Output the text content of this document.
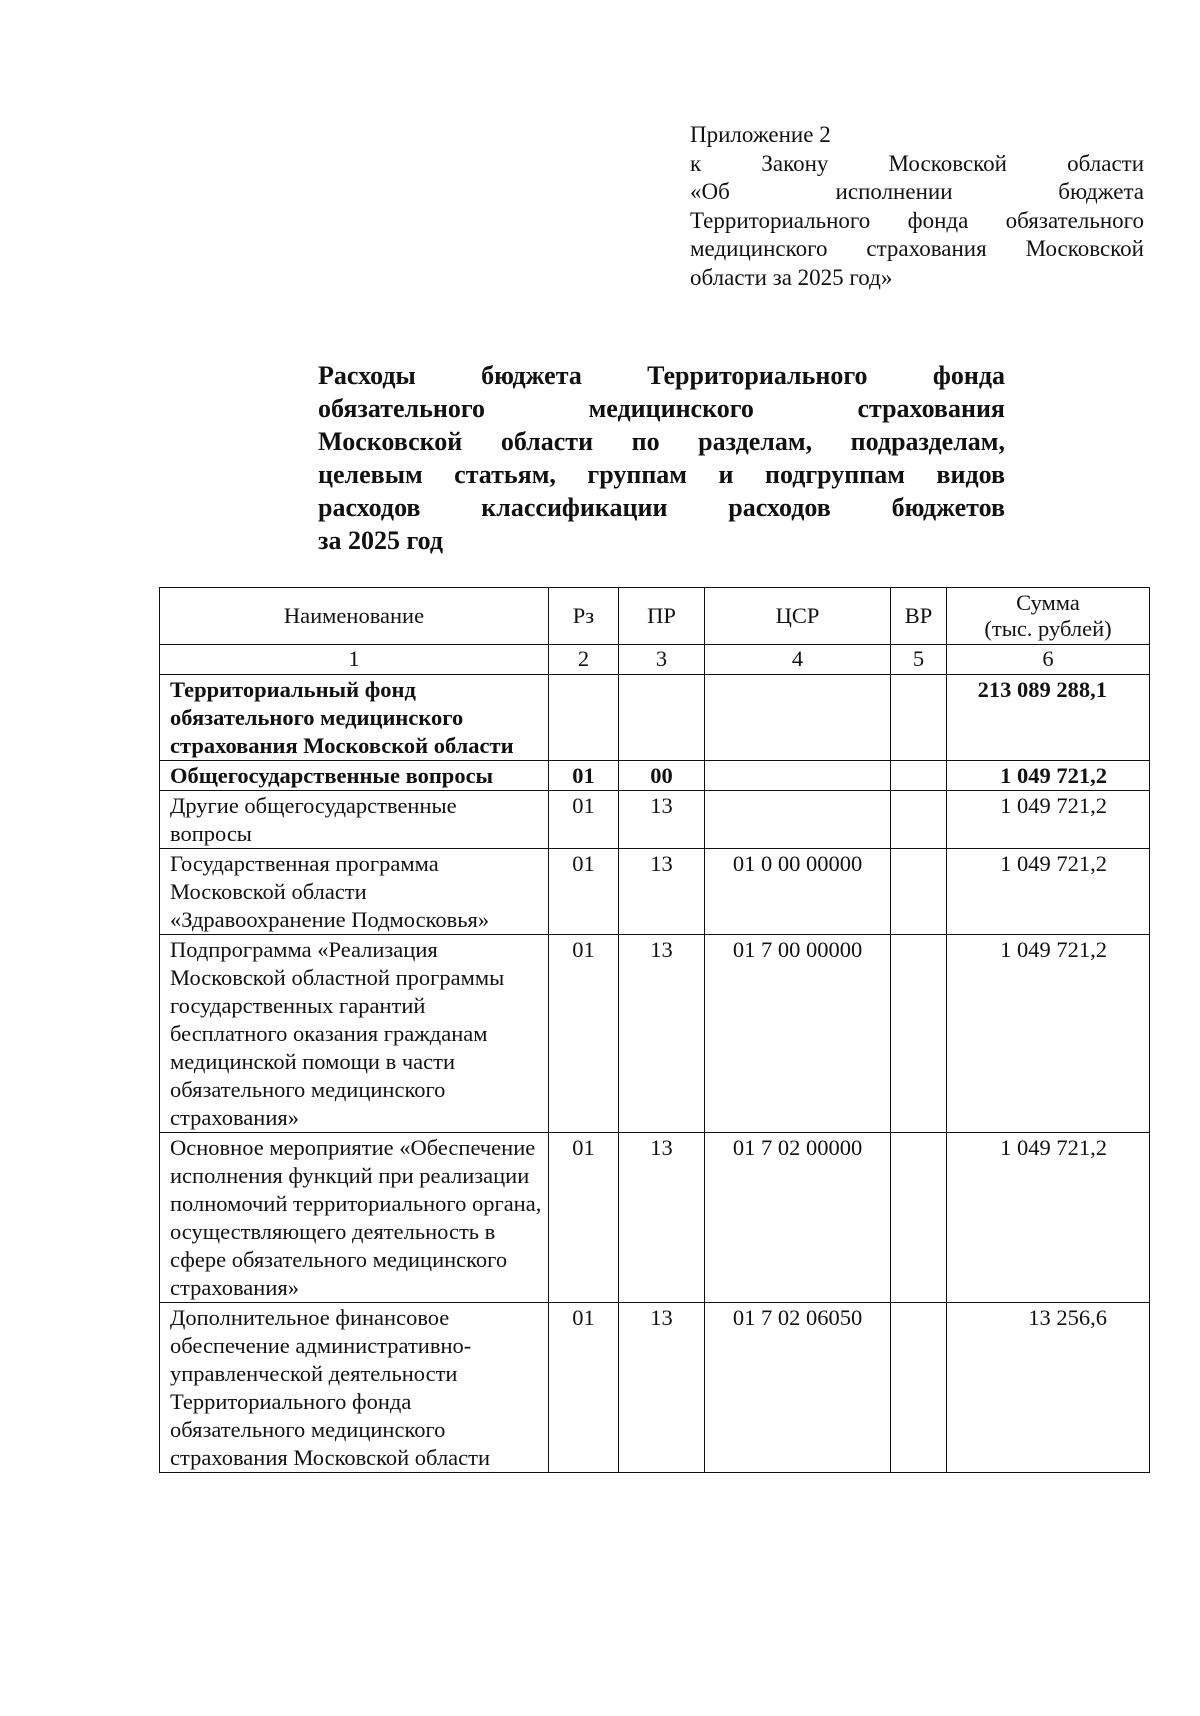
Приложение 2
к	Закону	Московской	области
«Об исполнении бюджета
Территориального фонда обязательного
медицинского страхования Московской
области за 2025 год»
Расходы бюджета Территориального фонда
обязательного медицинского страхования
Московской области по разделам, подразделам,
целевым статьям, группам и подгруппам видов
расходов классификации расходов бюджетов
за 2025 год
Наименование	Рз	ПР	ЦСР	ВР	Сумма
(тыс. рублей)

1	2	3	4	5	6
Территориальный фонд обязательного медицинского страхования Московской области					213 089 288,1
Общегосударственные вопросы	01	00			1 049 721,2
Другие общегосударственные вопросы	01	13			1 049 721,2
Государственная программа Московской области «Здравоохранение Подмосковья»	01	13	01 0 00 00000		1 049 721,2
Подпрограмма «Реализация Московской областной программы государственных гарантий бесплатного оказания гражданам медицинской помощи в части обязательного медицинского страхования»	01	13	01 7 00 00000		1 049 721,2
Основное мероприятие «Обеспечение исполнения функций при реализации полномочий территориального органа, осуществляющего деятельность в сфере обязательного медицинского страхования»	01	13	01 7 02 00000		1 049 721,2
Дополнительное финансовое обеспечение административно-управленческой деятельности Территориального фонда обязательного медицинского страхования Московской области	01	13	01 7 02 06050		13 256,6
